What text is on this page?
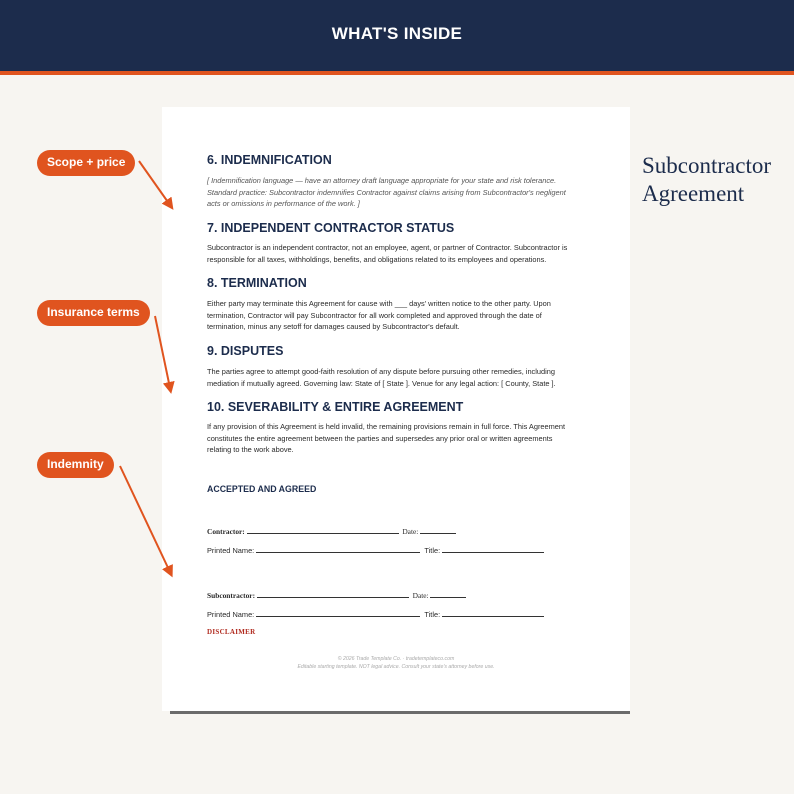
WHAT'S INSIDE
6. INDEMNIFICATION
[ Indemnification language — have an attorney draft language appropriate for your state and risk tolerance.
Standard practice: Subcontractor indemnifies Contractor against claims arising from Subcontractor's negligent
acts or omissions in performance of the work. ]
7. INDEPENDENT CONTRACTOR STATUS
Subcontractor is an independent contractor, not an employee, agent, or partner of Contractor. Subcontractor is
responsible for all taxes, withholdings, benefits, and obligations related to its employees and operations.
8. TERMINATION
Either party may terminate this Agreement for cause with ___ days' written notice to the other party. Upon
termination, Contractor will pay Subcontractor for all work completed and approved through the date of
termination, minus any setoff for damages caused by Subcontractor's default.
9. DISPUTES
The parties agree to attempt good-faith resolution of any dispute before pursuing other remedies, including
mediation if mutually agreed. Governing law: State of [ State ]. Venue for any legal action: [ County, State ].
10. SEVERABILITY & ENTIRE AGREEMENT
If any provision of this Agreement is held invalid, the remaining provisions remain in full force. This Agreement
constitutes the entire agreement between the parties and supersedes any prior oral or written agreements
relating to the work above.
ACCEPTED AND AGREED
Contractor:	Date:
Printed Name:	Title:
Subcontractor:	Date:
Printed Name:	Title:
DISCLAIMER
© 2026 Trade Template Co. · tradetemplateco.com
Editable starting template. NOT legal advice. Consult your state's attorney before use.
Scope + price
Insurance terms
Indemnity
Subcontractor
Agreement
